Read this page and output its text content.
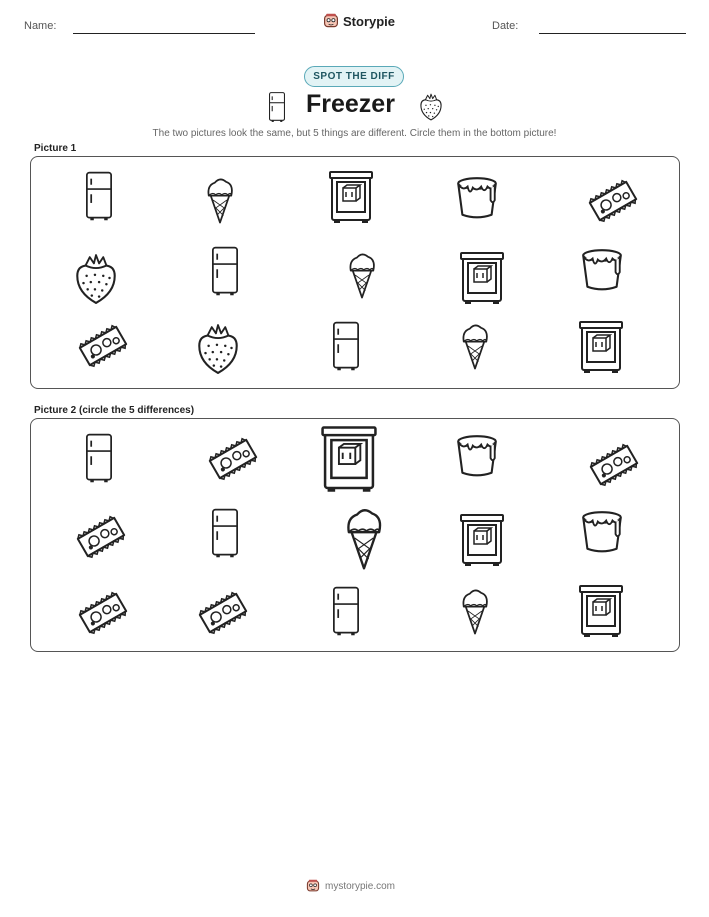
Name:	Storypie	Date:
SPOT THE DIFF
Freezer
The two pictures look the same, but 5 things are different. Circle them in the bottom picture!
Picture 1
Picture 2 (circle the 5 differences)
mystorypie.com
